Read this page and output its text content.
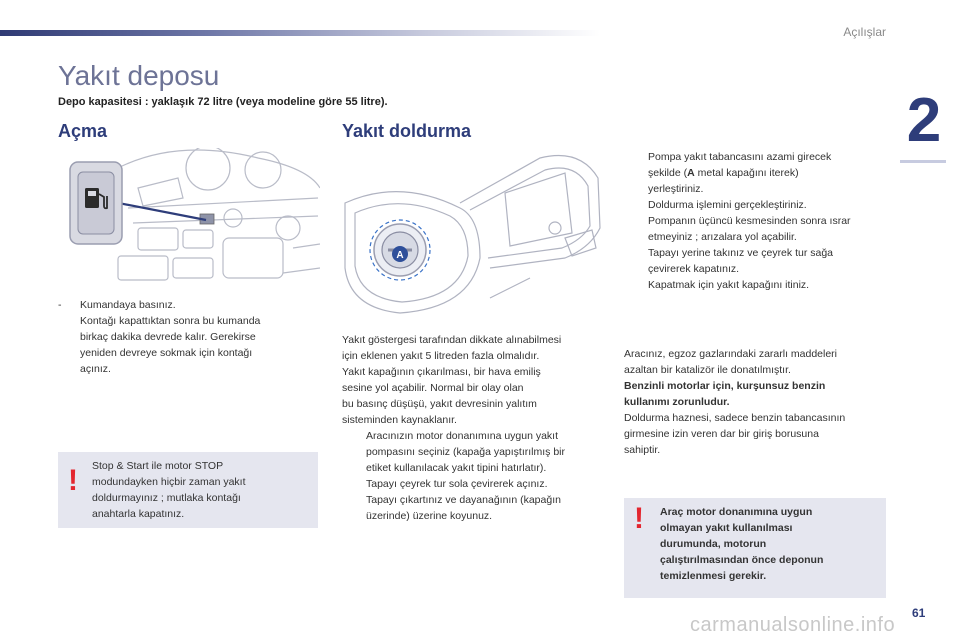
Açılışlar
2
Yakıt deposu
Depo kapasitesi : yaklaşık 72 litre (veya modeline göre 55 litre).
Açma
-	Kumandaya basınız.
Kontağı kapattıktan sonra bu kumanda
birkaç dakika devrede kalır. Gerekirse
yeniden devreye sokmak için kontağı
açınız.
! Stop & Start ile motor STOP
modundayken hiçbir zaman yakıt
doldurmayınız ; mutlaka kontağı
anahtarla kapatınız.
Yakıt doldurma
A
Yakıt göstergesi tarafından dikkate alınabilmesi
için eklenen yakıt 5 litreden fazla olmalıdır.
Yakıt kapağının çıkarılması, bir hava emiliş
sesine yol açabilir. Normal bir olay olan
bu basınç düşüşü, yakıt devresinin yalıtım
sisteminden kaynaklanır.
Aracınızın motor donanımına uygun yakıt
pompasını seçiniz (kapağa yapıştırılmış bir
etiket kullanılacak yakıt tipini hatırlatır).
Tapayı çeyrek tur sola çevirerek açınız.
Tapayı çıkartınız ve dayanağının (kapağın
üzerinde) üzerine koyunuz.
Pompa yakıt tabancasını azami girecek
şekilde (A metal kapağını iterek)
yerleştiriniz.
Doldurma işlemini gerçekleştiriniz.
Pompanın üçüncü kesmesinden sonra ısrar
etmeyiniz ; arızalara yol açabilir.
Tapayı yerine takınız ve çeyrek tur sağa
çevirerek kapatınız.
Kapatmak için yakıt kapağını itiniz.
Aracınız, egzoz gazlarındaki zararlı maddeleri
azaltan bir katalizör ile donatılmıştır.
Benzinli motorlar için, kurşunsuz benzin
kullanımı zorunludur.
Doldurma haznesi, sadece benzin tabancasının
girmesine izin veren dar bir giriş borusuna
sahiptir.
! Araç motor donanımına uygun
olmayan yakıt kullanılması
durumunda, motorun
çalıştırılmasından önce deponun
temizlenmesi gerekir.
61
carmanualsonline.info
